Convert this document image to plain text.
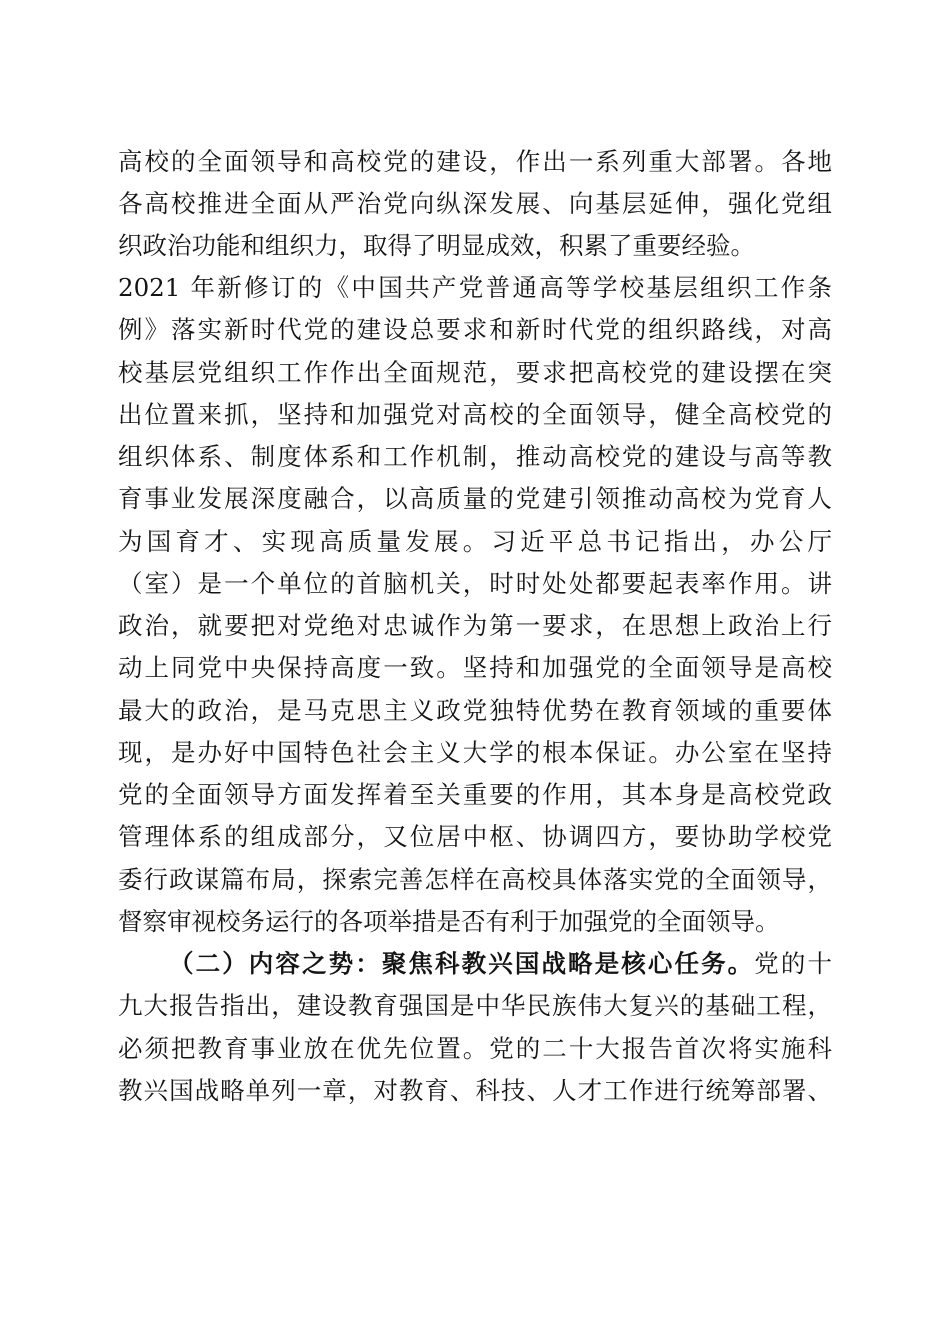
高校的全面领导和高校党的建设，作出一系列重大部署。各地
各高校推进全面从严治党向纵深发展、向基层延伸，强化党组
织政治功能和组织力，取得了明显成效，积累了重要经验。
2021 年新修订的《中国共产党普通高等学校基层组织工作条
例》落实新时代党的建设总要求和新时代党的组织路线，对高
校基层党组织工作作出全面规范，要求把高校党的建设摆在突
出位置来抓，坚持和加强党对高校的全面领导，健全高校党的
组织体系、制度体系和工作机制，推动高校党的建设与高等教
育事业发展深度融合，以高质量的党建引领推动高校为党育人
为国育才、实现高质量发展。习近平总书记指出，办公厅
（室）是一个单位的首脑机关，时时处处都要起表率作用。讲
政治，就要把对党绝对忠诚作为第一要求，在思想上政治上行
动上同党中央保持高度一致。坚持和加强党的全面领导是高校
最大的政治，是马克思主义政党独特优势在教育领域的重要体
现，是办好中国特色社会主义大学的根本保证。办公室在坚持
党的全面领导方面发挥着至关重要的作用，其本身是高校党政
管理体系的组成部分，又位居中枢、协调四方，要协助学校党
委行政谋篇布局，探索完善怎样在高校具体落实党的全面领导，
督察审视校务运行的各项举措是否有利于加强党的全面领导。
（二）内容之势：聚焦科教兴国战略是核心任务。党的十
九大报告指出，建设教育强国是中华民族伟大复兴的基础工程，
必须把教育事业放在优先位置。党的二十大报告首次将实施科
教兴国战略单列一章，对教育、科技、人才工作进行统筹部署、
